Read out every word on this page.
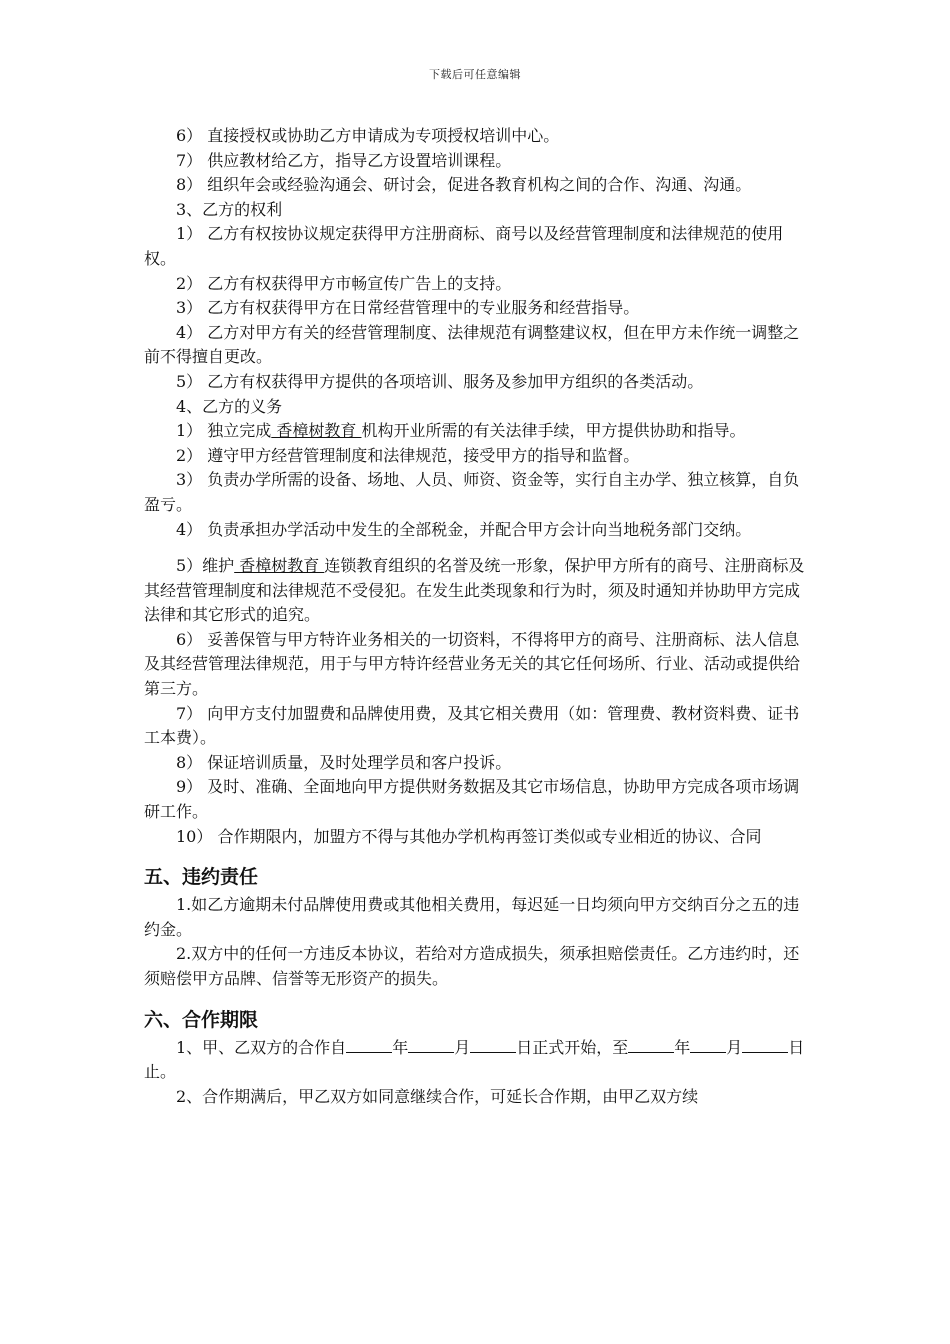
下载后可任意编辑

6） 直接授权或协助乙方申请成为专项授权培训中心。

7） 供应教材给乙方，指导乙方设置培训课程。

8） 组织年会或经验沟通会、研讨会，促进各教育机构之间的合作、沟通、沟通。

3、乙方的权利

1） 乙方有权按协议规定获得甲方注册商标、商号以及经营管理制度和法律规范的使用权。

2） 乙方有权获得甲方市畅宣传广告上的支持。

3） 乙方有权获得甲方在日常经营管理中的专业服务和经营指导。

4） 乙方对甲方有关的经营管理制度、法律规范有调整建议权，但在甲方未作统一调整之前不得擅自更改。

5） 乙方有权获得甲方提供的各项培训、服务及参加甲方组织的各类活动。

4、乙方的义务

1） 独立完成 香樟树教育 机构开业所需的有关法律手续，甲方提供协助和指导。

2） 遵守甲方经营管理制度和法律规范，接受甲方的指导和监督。

3） 负责办学所需的设备、场地、人员、师资、资金等，实行自主办学、独立核算，自负盈亏。

4） 负责承担办学活动中发生的全部税金，并配合甲方会计向当地税务部门交纳。

5）维护 香樟树教育 连锁教育组织的名誉及统一形象，保护甲方所有的商号、注册商标及其经营管理制度和法律规范不受侵犯。在发生此类现象和行为时，须及时通知并协助甲方完成法律和其它形式的追究。

6） 妥善保管与甲方特许业务相关的一切资料，不得将甲方的商号、注册商标、法人信息及其经营管理法律规范，用于与甲方特许经营业务无关的其它任何场所、行业、活动或提供给第三方。

7） 向甲方支付加盟费和品牌使用费，及其它相关费用（如：管理费、教材资料费、证书工本费）。

8） 保证培训质量，及时处理学员和客户投诉。

9） 及时、准确、全面地向甲方提供财务数据及其它市场信息，协助甲方完成各项市场调研工作。

10） 合作期限内，加盟方不得与其他办学机构再签订类似或专业相近的协议、合同

五、违约责任

1.如乙方逾期未付品牌使用费或其他相关费用，每迟延一日均须向甲方交纳百分之五的违约金。

2.双方中的任何一方违反本协议，若给对方造成损失，须承担赔偿责任。乙方违约时，还须赔偿甲方品牌、信誉等无形资产的损失。

六、合作期限

1、甲、乙双方的合作自	年	月	日正式开始，至	年 月	日止。

2、合作期满后，甲乙双方如同意继续合作，可延长合作期，由甲乙双方续
